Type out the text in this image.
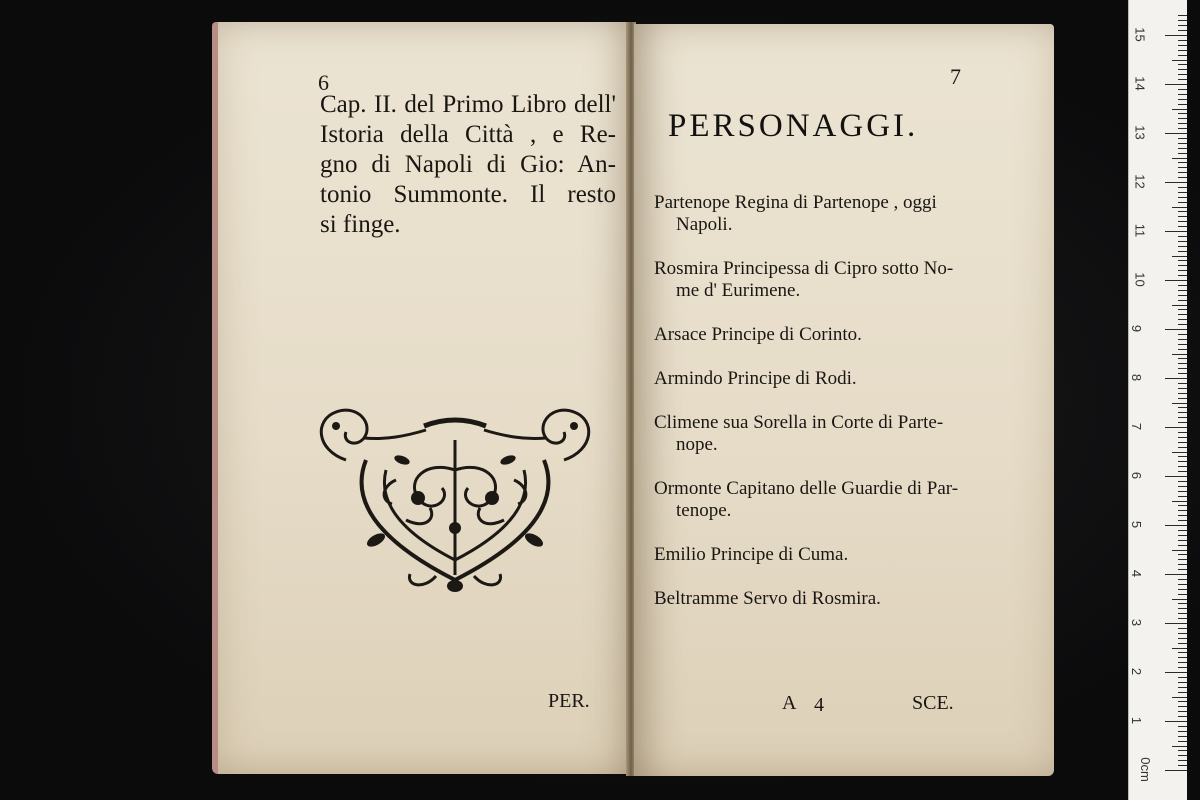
6
Cap. II. del Primo Libro dell'
Istoria della Città , e Re-
gno di Napoli di Gio: An-
tonio Summonte. Il resto
si finge.
PER.
7
PERSONAGGI.
Partenope Regina di Partenope , oggi
Napoli.
Rosmira Principessa di Cipro sotto No-
me d' Eurimene.
Arsace Principe di Corinto.
Armindo Principe di Rodi.
Climene sua Sorella in Corte di Parte-
nope.
Ormonte Capitano delle Guardie di Par-
tenope.
Emilio Principe di Cuma.
Beltramme Servo di Rosmira.
A 4	SCE.
0cm
1
2
3
4
5
6
7
8
9
10
11
12
13
14
15
